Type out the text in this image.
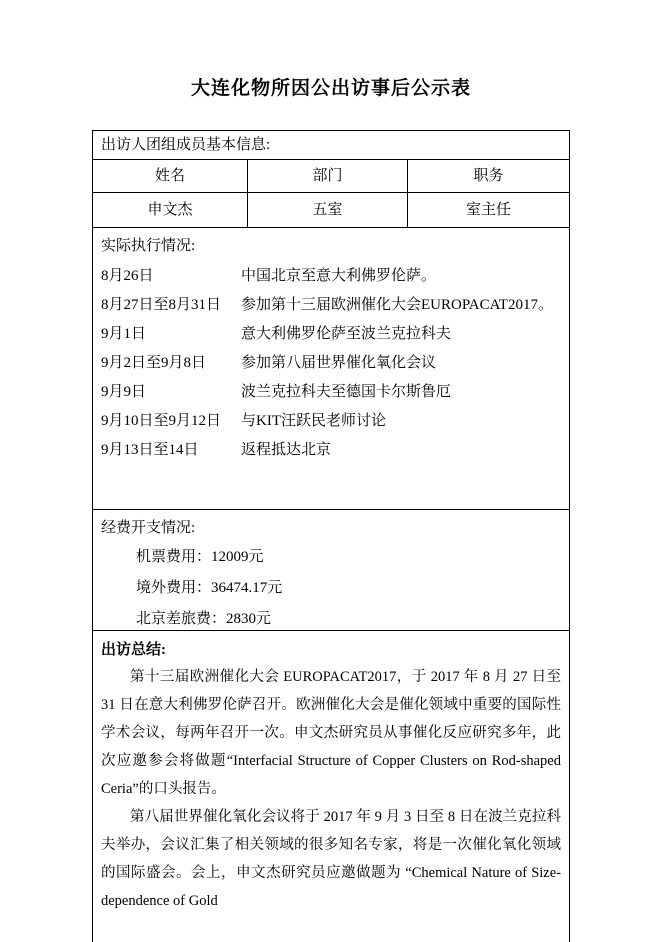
大连化物所因公出访事后公示表
出访人团组成员基本信息:
姓名	部门	职务
申文杰	五室	室主任
实际执行情况:
8月26日	中国北京至意大利佛罗伦萨。
8月27日至8月31日	参加第十三届欧洲催化大会EUROPACAT2017。
9月1日	意大利佛罗伦萨至波兰克拉科夫
9月2日至9月8日	参加第八届世界催化氧化会议
9月9日	波兰克拉科夫至德国卡尔斯鲁厄
9月10日至9月12日	与KIT汪跃民老师讨论
9月13日至14日	返程抵达北京
经费开支情况:
机票费用：12009元
境外费用：36474.17元
北京差旅费：2830元
出访总结:

第十三届欧洲催化大会 EUROPACAT2017，于 2017 年 8 月 27 日至 31 日在意大利佛罗伦萨召开。欧洲催化大会是催化领域中重要的国际性学术会议，每两年召开一次。申文杰研究员从事催化反应研究多年，此次应邀参会将做题“Interfacial Structure of Copper Clusters on Rod-shaped Ceria”的口头报告。

第八届世界催化氧化会议将于 2017 年 9 月 3 日至 8 日在波兰克拉科夫举办，会议汇集了相关领域的很多知名专家，将是一次催化氧化领域的国际盛会。会上，申文杰研究员应邀做题为 “Chemical Nature of Size-dependence of Gold
